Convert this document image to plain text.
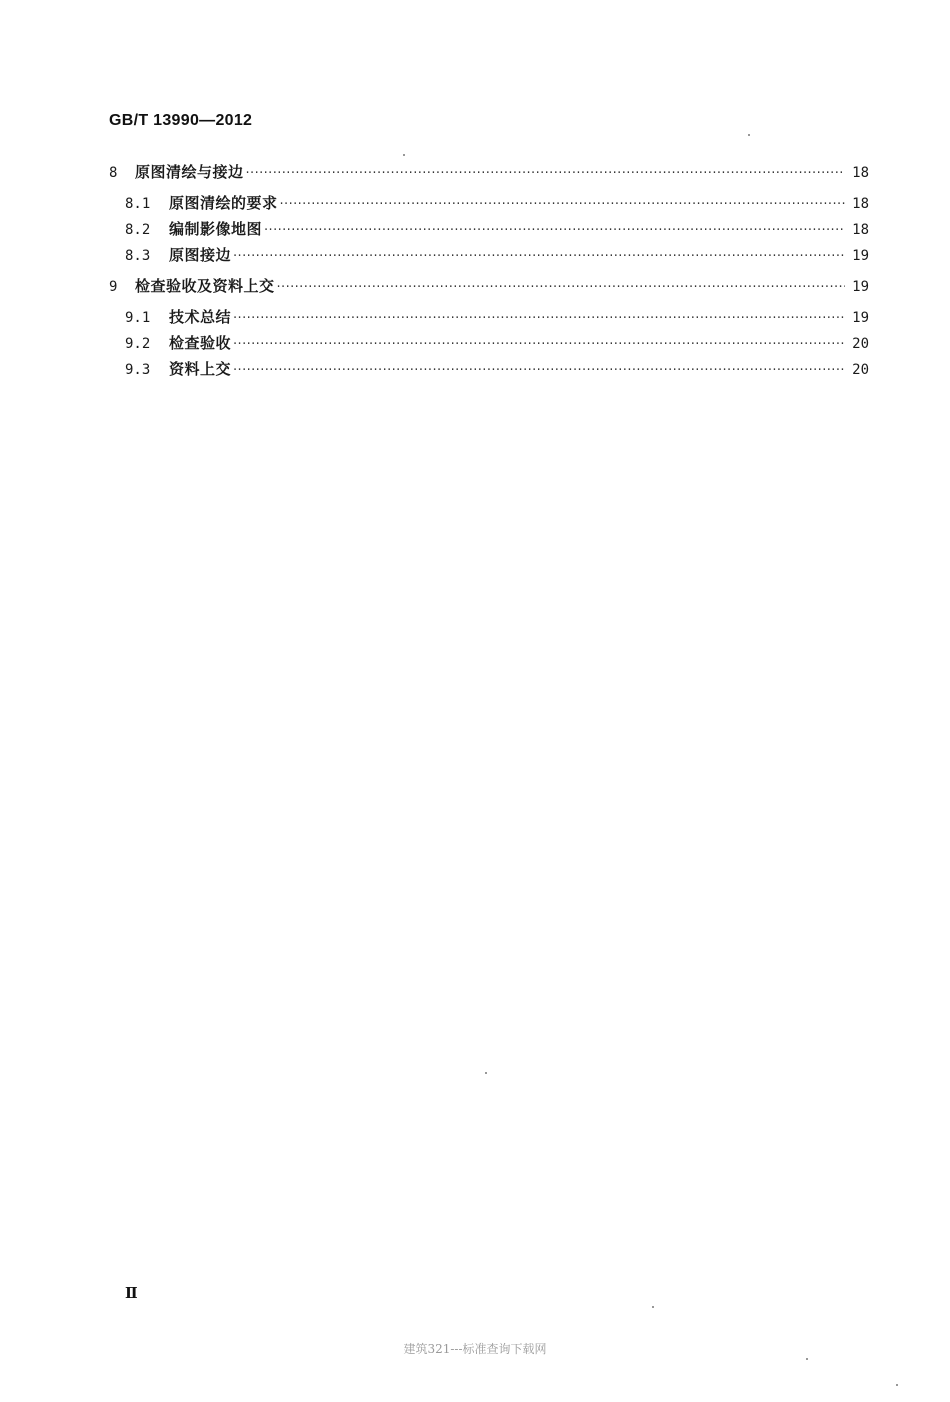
GB/T 13990—2012
8	原图清绘与接边 ·····	18
8.1	原图清绘的要求 ·····	18
8.2	编制影像地图 ·····	18
8.3	原图接边 ·····	19
9	检查验收及资料上交 ·····	19
9.1	技术总结 ·····	19
9.2	检查验收 ·····	20
9.3	资料上交 ·····	20
Ⅱ
建筑321---标准查询下载网
